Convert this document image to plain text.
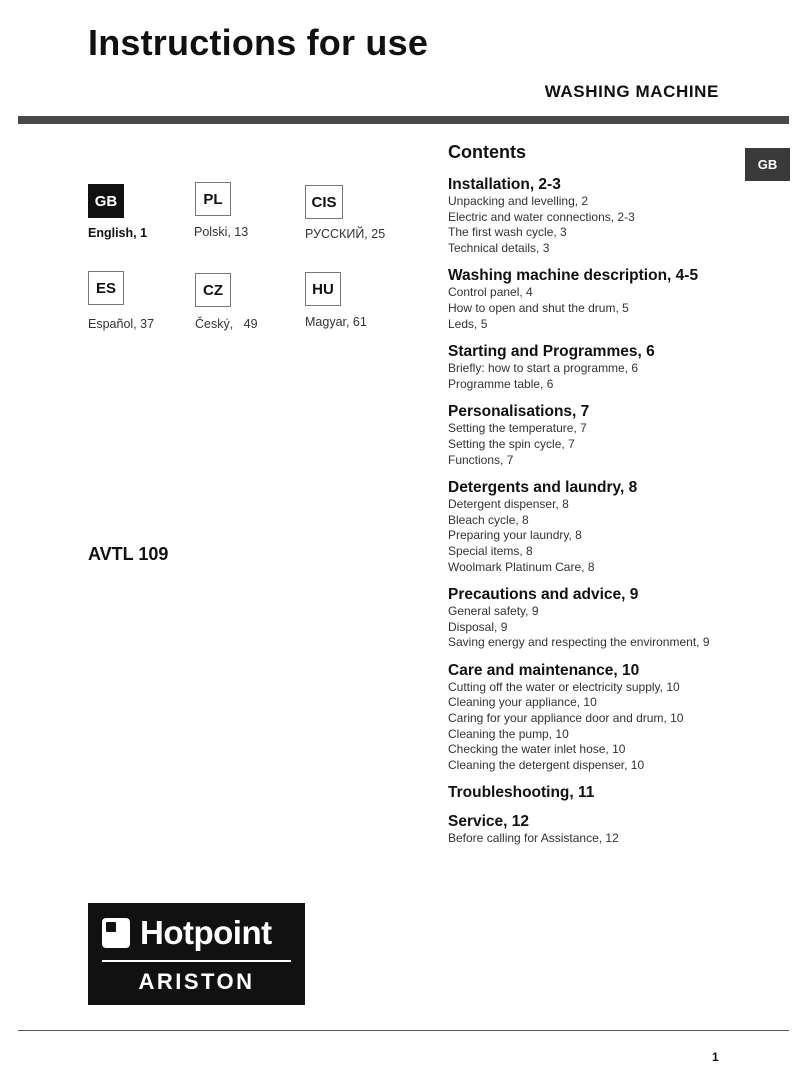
Instructions for use
WASHING MACHINE
GB
GB
English, 1
PL
Polski, 13
CIS
РУССКИЙ, 25
ES
Español, 37
CZ
Český,   49
HU
Magyar, 61
AVTL 109
Contents
Installation, 2-3
Unpacking and levelling, 2
Electric and water connections, 2-3
The first wash cycle, 3
Technical details, 3
Washing machine description, 4-5
Control panel, 4
How to open and shut the drum, 5
Leds, 5
Starting and Programmes, 6
Briefly: how to start a programme, 6
Programme table, 6
Personalisations, 7
Setting the temperature, 7
Setting the spin cycle, 7
Functions, 7
Detergents and laundry, 8
Detergent dispenser, 8
Bleach cycle, 8
Preparing your laundry, 8
Special items, 8
Woolmark Platinum Care, 8
Precautions and advice, 9
General safety, 9
Disposal, 9
Saving energy and respecting the environment, 9
Care and maintenance, 10
Cutting off the water or electricity supply, 10
Cleaning your appliance, 10
Caring for your appliance door and drum, 10
Cleaning the pump, 10
Checking the water inlet hose, 10
Cleaning the detergent dispenser, 10
Troubleshooting, 11
Service, 12
Before calling for Assistance, 12
Hotpoint
ARISTON
1
